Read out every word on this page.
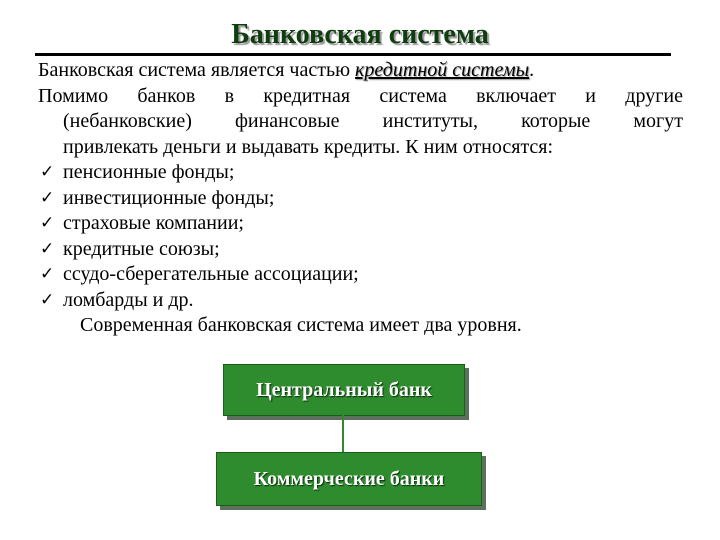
Банковская система

Банковская система является частью кредитной системы.

Помимо банков в кредитная система включает и другие
(небанковские) финансовые институты, которые могут
привлекать деньги и выдавать кредиты. К ним относятся:
✓ пенсионные фонды;
✓ инвестиционные фонды;
✓ страховые компании;
✓ кредитные союзы;
✓ ссудо-сберегательные ассоциации;
✓ ломбарды и др.

Современная банковская система имеет два уровня.

Центральный банк
Коммерческие банки
